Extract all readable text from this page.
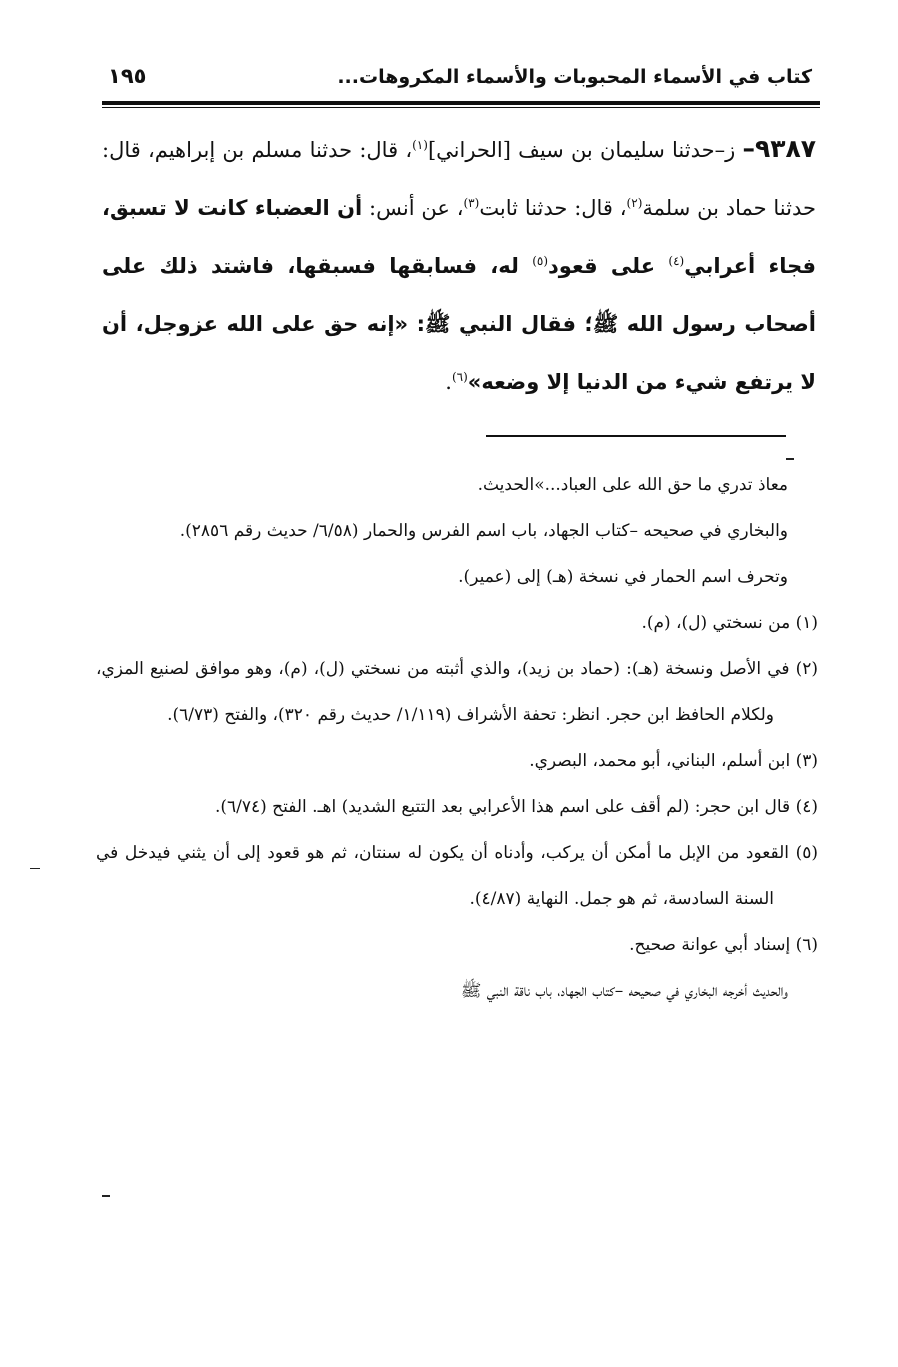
كتاب في الأسماء المحبوبات والأسماء المكروهات...
١٩٥
٩٣٨٧– ز–حدثنا سليمان بن سيف [الحراني]$^{(١)}$، قال: حدثنا مسلم بن إبراهيم، قال: حدثنا حماد بن سلمة$^{(٢)}$، قال: حدثنا ثابت$^{(٣)}$، عن أنس: أن العضباء كانت لا تسبق، فجاء أعرابي$^{(٤)}$ على قعود$^{(٥)}$ له، فسابقها فسبقها، فاشتد ذلك على أصحاب رسول الله ﷺ؛ فقال النبي ﷺ: «إنه حق على الله عزوجل، أن لا يرتفع شيء من الدنيا إلا وضعه»$^{(٦)}$.

معاذ تدري ما حق الله على العباد...»الحديث.

والبخاري في صحيحه –كتاب الجهاد، باب اسم الفرس والحمار (٦/٥٨/ حديث رقم ٢٨٥٦).

وتحرف اسم الحمار في نسخة (هـ) إلى (عمير).

(١) من نسختي (ل)، (م).

(٢) في الأصل ونسخة (هـ): (حماد بن زيد)، والذي أثبته من نسختي (ل)، (م)، وهو موافق لصنيع المزي، ولكلام الحافظ ابن حجر. انظر: تحفة الأشراف (١/١١٩/ حديث رقم ٣٢٠)، والفتح (٦/٧٣).

(٣) ابن أسلم، البناني، أبو محمد، البصري.

(٤) قال ابن حجر: (لم أقف على اسم هذا الأعرابي بعد التتبع الشديد) اهـ. الفتح (٦/٧٤).

(٥) القعود من الإبل ما أمكن أن يركب، وأدناه أن يكون له سنتان، ثم هو قعود إلى أن يثني فيدخل في السنة السادسة، ثم هو جمل. النهاية (٤/٨٧).

(٦) إسناد أبي عوانة صحيح.

والحديث أخرجه البخاري في صحيحه –كتاب الجهاد، باب ناقة النبي ﷺ
